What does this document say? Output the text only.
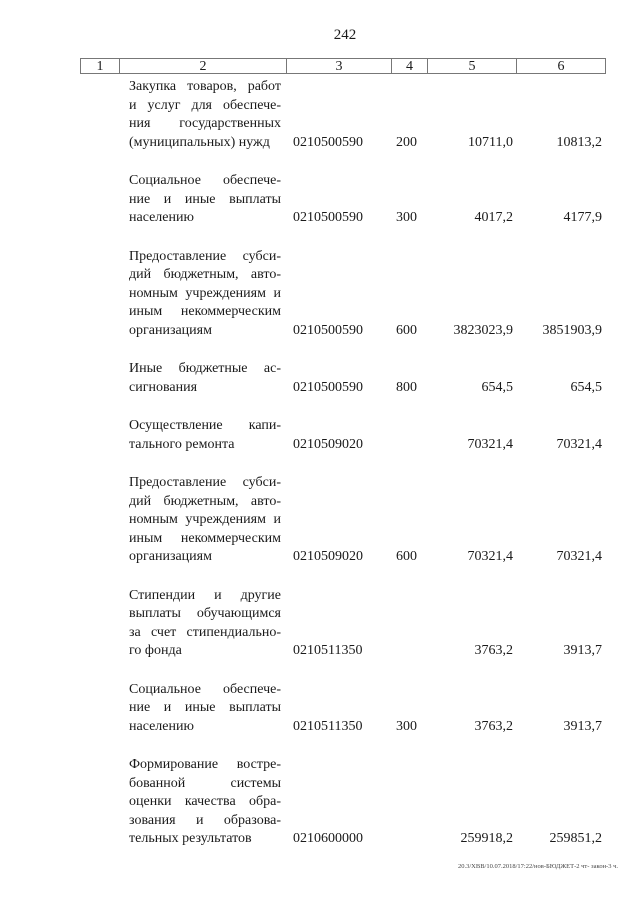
242
1	2	3	4	5	6
Закупка товаров, работ
и услуг для обеспече-
ния государственных
(муниципальных) нужд	0210500590 200	10711,0	10813,2
Социальное обеспече-
ние и иные выплаты
населению	0210500590 300	4017,2	4177,9
Предоставление субси-
дий бюджетным, авто-
номным учреждениям и
иным некоммерческим
организациям	0210500590 600	3823023,9 3851903,9
Иные бюджетные ас-
сигнования	0210500590 800	654,5	654,5
Осуществление капи-
тального ремонта	0210509020	70321,4	70321,4
Предоставление субси-
дий бюджетным, авто-
номным учреждениям и
иным некоммерческим
организациям	0210509020 600	70321,4	70321,4
Стипендии и другие
выплаты обучающимся
за счет стипендиально-
го фонда	0210511350	3763,2	3913,7
Социальное обеспече-
ние и иные выплаты
населению	0210511350 300	3763,2	3913,7
Формирование востре-
бованной системы
оценки качества обра-
зования и образова-
тельных результатов	0210600000	259918,2	259851,2
20.3/ХВВ/10.07.2018/17:22/нов-БЮДЖЕТ-2 чт- закон-3 ч.
